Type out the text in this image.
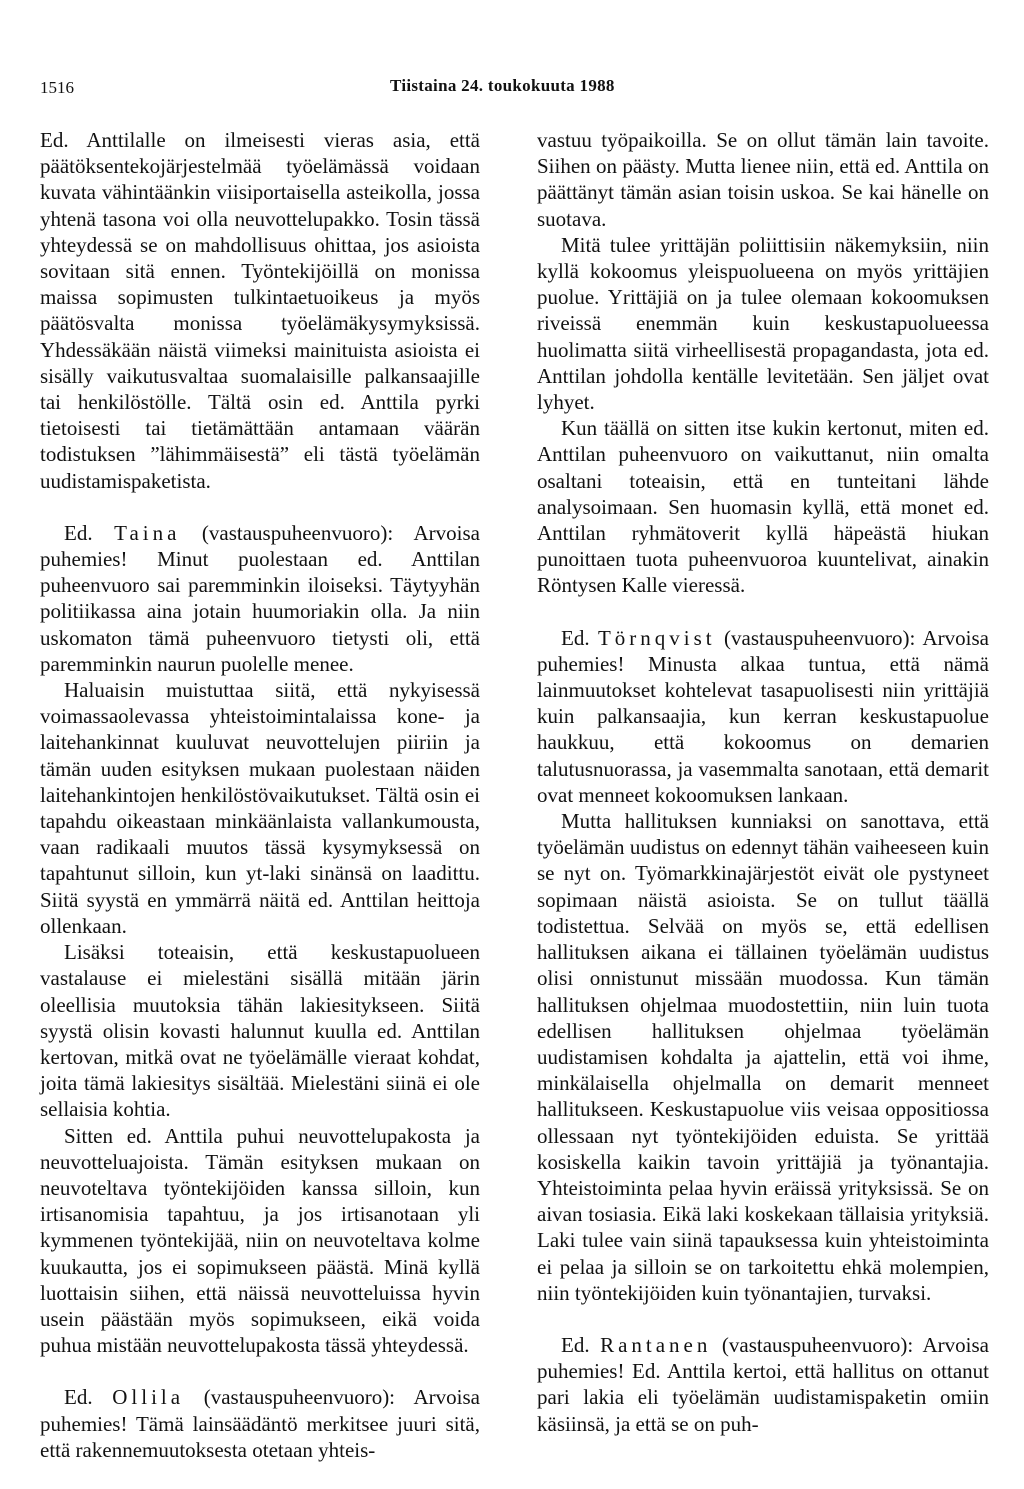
1516	Tiistaina 24. toukokuuta 1988

Ed. Anttilalle on ilmeisesti vieras asia, että päätöksentekojärjestelmää työelämässä voidaan kuvata vähintäänkin viisiportaisella asteikolla, jossa yhtenä tasona voi olla neuvottelupakko. Tosin tässä yhteydessä se on mahdollisuus ohittaa, jos asioista sovitaan sitä ennen. Työntekijöillä on monissa maissa sopimusten tulkintaetuoikeus ja myös päätösvalta monissa työelämäkysymyksissä. Yhdessäkään näistä viimeksi mainituista asioista ei sisälly vaikutusvaltaa suomalaisille palkansaajille tai henkilöstölle. Tältä osin ed. Anttila pyrki tietoisesti tai tietämättään antamaan väärän todistuksen ”lähimmäisestä” eli tästä työelämän uudistamispaketista.

Ed. Taina (vastauspuheenvuoro): Arvoisa puhemies! Minut puolestaan ed. Anttilan puheenvuoro sai paremminkin iloiseksi. Täytyyhän politiikassa aina jotain huumoriakin olla. Ja niin uskomaton tämä puheenvuoro tietysti oli, että paremminkin naurun puolelle menee.

Haluaisin muistuttaa siitä, että nykyisessä voimassaolevassa yhteistoimintalaissa kone- ja laitehankinnat kuuluvat neuvottelujen piiriin ja tämän uuden esityksen mukaan puolestaan näiden laitehankintojen henkilöstövaikutukset. Tältä osin ei tapahdu oikeastaan minkäänlaista vallankumousta, vaan radikaali muutos tässä kysymyksessä on tapahtunut silloin, kun yt-laki sinänsä on laadittu. Siitä syystä en ymmärrä näitä ed. Anttilan heittoja ollenkaan.

Lisäksi toteaisin, että keskustapuolueen vastalause ei mielestäni sisällä mitään järin oleellisia muutoksia tähän lakiesitykseen. Siitä syystä olisin kovasti halunnut kuulla ed. Anttilan kertovan, mitkä ovat ne työelämälle vieraat kohdat, joita tämä lakiesitys sisältää. Mielestäni siinä ei ole sellaisia kohtia.

Sitten ed. Anttila puhui neuvottelupakosta ja neuvotteluajoista. Tämän esityksen mukaan on neuvoteltava työntekijöiden kanssa silloin, kun irtisanomisia tapahtuu, ja jos irtisanotaan yli kymmenen työntekijää, niin on neuvoteltava kolme kuukautta, jos ei sopimukseen päästä. Minä kyllä luottaisin siihen, että näissä neuvotteluissa hyvin usein päästään myös sopimukseen, eikä voida puhua mistään neuvottelupakosta tässä yhteydessä.

Ed. Ollila (vastauspuheenvuoro): Arvoisa puhemies! Tämä lainsäädäntö merkitsee juuri sitä, että rakennemuutoksesta otetaan yhteis-

vastuu työpaikoilla. Se on ollut tämän lain tavoite. Siihen on päästy. Mutta lienee niin, että ed. Anttila on päättänyt tämän asian toisin uskoa. Se kai hänelle on suotava.

Mitä tulee yrittäjän poliittisiin näkemyksiin, niin kyllä kokoomus yleispuolueena on myös yrittäjien puolue. Yrittäjiä on ja tulee olemaan kokoomuksen riveissä enemmän kuin keskustapuolueessa huolimatta siitä virheellisestä propagandasta, jota ed. Anttilan johdolla kentälle levitetään. Sen jäljet ovat lyhyet.

Kun täällä on sitten itse kukin kertonut, miten ed. Anttilan puheenvuoro on vaikuttanut, niin omalta osaltani toteaisin, että en tunteitani lähde analysoimaan. Sen huomasin kyllä, että monet ed. Anttilan ryhmätoverit kyllä häpeästä hiukan punoittaen tuota puheenvuoroa kuuntelivat, ainakin Röntysen Kalle vieressä.

Ed. Törnqvist (vastauspuheenvuoro): Arvoisa puhemies! Minusta alkaa tuntua, että nämä lainmuutokset kohtelevat tasapuolisesti niin yrittäjiä kuin palkansaajia, kun kerran keskustapuolue haukkuu, että kokoomus on demarien talutusnuorassa, ja vasemmalta sanotaan, että demarit ovat menneet kokoomuksen lankaan.

Mutta hallituksen kunniaksi on sanottava, että työelämän uudistus on edennyt tähän vaiheeseen kuin se nyt on. Työmarkkinajärjestöt eivät ole pystyneet sopimaan näistä asioista. Se on tullut täällä todistettua. Selvää on myös se, että edellisen hallituksen aikana ei tällainen työelämän uudistus olisi onnistunut missään muodossa. Kun tämän hallituksen ohjelmaa muodostettiin, niin luin tuota edellisen hallituksen ohjelmaa työelämän uudistamisen kohdalta ja ajattelin, että voi ihme, minkälaisella ohjelmalla on demarit menneet hallitukseen. Keskustapuolue viis veisaa oppositiossa ollessaan nyt työntekijöiden eduista. Se yrittää kosiskella kaikin tavoin yrittäjiä ja työnantajia. Yhteistoiminta pelaa hyvin eräissä yrityksissä. Se on aivan tosiasia. Eikä laki koskekaan tällaisia yrityksiä. Laki tulee vain siinä tapauksessa kuin yhteistoiminta ei pelaa ja silloin se on tarkoitettu ehkä molempien, niin työntekijöiden kuin työnantajien, turvaksi.

Ed. Rantanen (vastauspuheenvuoro): Arvoisa puhemies! Ed. Anttila kertoi, että hallitus on ottanut pari lakia eli työelämän uudistamispaketin omiin käsiinsä, ja että se on puh-
